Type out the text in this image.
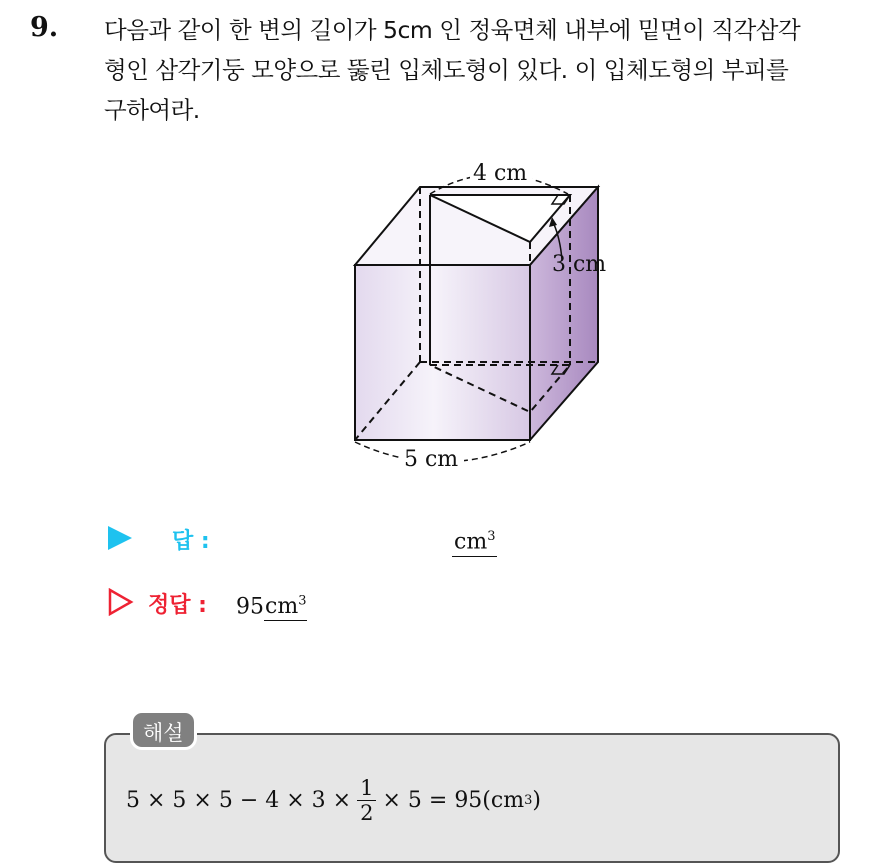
9. 다음과 같이 한 변의 길이가 5cm 인 정육면체 내부에 밑면이 직각삼각
형인 삼각기둥 모양으로 뚫린 입체도형이 있다. 이 입체도형의 부피를
구하여라.
4 cm
3 cm
5 cm
답 :	$cm^3$
정답 : $95cm^3$
해설
$5 \times 5 \times 5 - 4 \times 3 \times \frac{1}{2} \times 5 = 95(cm$ 3 )
